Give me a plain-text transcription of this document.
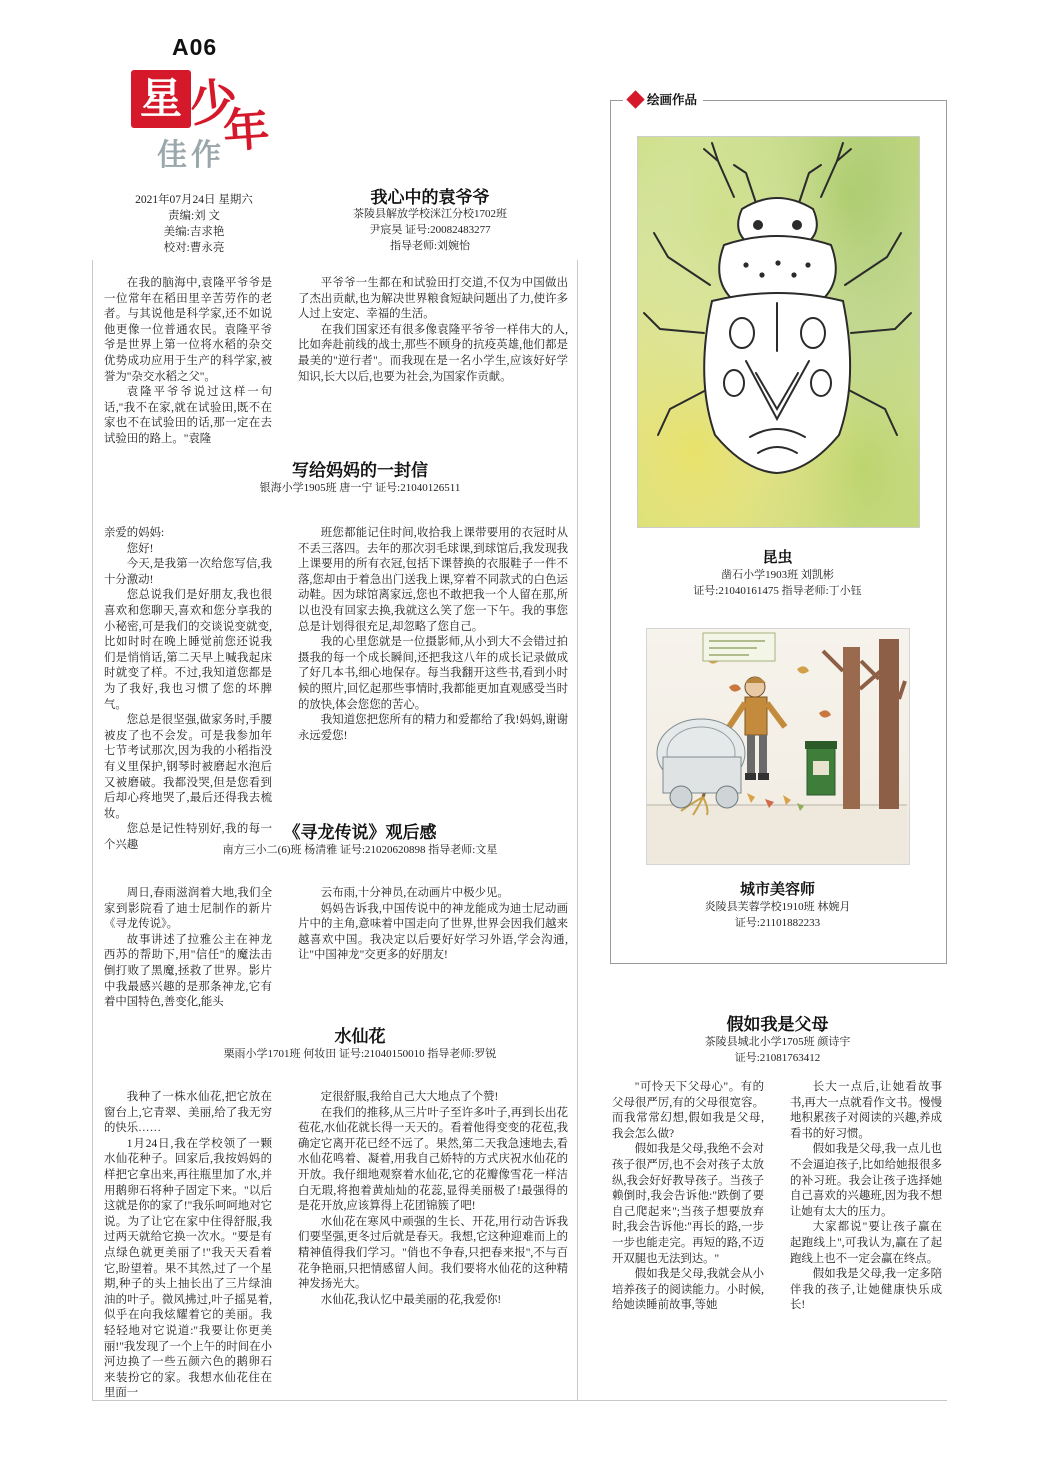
A06
星 少
年
佳作
2021年07月24日 星期六
责编:刘 文
美编:吉求艳
校对:曹永亮
我心中的袁爷爷
茶陵县解放学校洣江分校1702班
尹宸昊 证号:20082483277
指导老师:刘婉怡

在我的脑海中,袁隆平爷爷是一位常年在稻田里辛苦劳作的老者。与其说他是科学家,还不如说他更像一位普通农民。袁隆平爷爷是世界上第一位将水稻的杂交优势成功应用于生产的科学家,被誉为"杂交水稻之父"。

袁隆平爷爷说过这样一句话,"我不在家,就在试验田,既不在家也不在试验田的话,那一定在去试验田的路上。"袁隆

平爷爷一生都在和试验田打交道,不仅为中国做出了杰出贡献,也为解决世界粮食短缺问题出了力,使许多人过上安定、幸福的生活。

在我们国家还有很多像袁隆平爷爷一样伟大的人,比如奔赴前线的战士,那些不顾身的抗疫英雄,他们都是最美的"逆行者"。而我现在是一名小学生,应该好好学知识,长大以后,也要为社会,为国家作贡献。

写给妈妈的一封信
银海小学1905班 唐一宁 证号:21040126511

亲爱的妈妈:

您好!

今天,是我第一次给您写信,我十分激动!

您总说我们是好朋友,我也很喜欢和您聊天,喜欢和您分享我的小秘密,可是我们的交谈说变就变,比如时时在晚上睡觉前您还说我们是悄悄话,第二天早上喊我起床时就变了样。不过,我知道您都是为了我好,我也习惯了您的坏脾气。

您总是很坚强,做家务时,手腰被皮了也不会发。可是我参加年七节考试那次,因为我的小稻指没有义里保护,钢琴时被磨起水泡后又被磨破。我都没哭,但是您看到后却心疼地哭了,最后还得我去梳妆。

您总是记性特别好,我的每一个兴趣

班您都能记住时间,收拾我上课带要用的衣冠时从不丢三落四。去年的那次羽毛球课,到球馆后,我发现我上课要用的所有衣冠,包括下课替换的衣服鞋子一件不落,您却由于着急出门送我上课,穿着不同款式的白色运动鞋。因为球馆离家远,您也不敢把我一个人留在那,所以也没有回家去换,我就这么笑了您一下午。我的事您总是计划得很充足,却忽略了您自己。

我的心里您就是一位摄影师,从小到大不会错过拍摄我的每一个成长瞬间,还把我这八年的成长记录做成了好几本书,细心地保存。每当我翻开这些书,看到小时候的照片,回忆起那些事情时,我都能更加直观感受当时的放快,体会您您的苦心。

我知道您把您所有的精力和爱都给了我!妈妈,谢谢永远爱您!

《寻龙传说》观后感
南方三小二(6)班 杨清雅 证号:21020620898 指导老师:文星

周日,春雨滋润着大地,我们全家到影院看了迪士尼制作的新片《寻龙传说》。

故事讲述了拉雅公主在神龙西苏的帮助下,用"信任"的魔法击倒打败了黑魔,拯救了世界。影片中我最感兴趣的是那条神龙,它有着中国特色,善变化,能头

云布雨,十分神员,在动画片中极少见。

妈妈告诉我,中国传说中的神龙能成为迪士尼动画片中的主角,意味着中国走向了世界,世界会因我们越来越喜欢中国。我决定以后要好好学习外语,学会沟通,让"中国神龙"交更多的好朋友!

水仙花
栗雨小学1701班 何妆田 证号:21040150010 指导老师:罗锐

我种了一株水仙花,把它放在窗台上,它青翠、美丽,给了我无穷的快乐……

1月24日,我在学校领了一颗水仙花种子。回家后,我按妈妈的样把它拿出来,再往瓶里加了水,并用鹅卵石将种子固定下来。"以后这就是你的家了!"我乐呵呵地对它说。为了让它在家中住得舒服,我过两天就给它换一次水。"要是有点绿色就更美丽了!"我天天看着它,盼望着。果不其然,过了一个星期,种子的头上抽长出了三片绿油油的叶子。微风拂过,叶子摇晃着,似乎在向我炫耀着它的美丽。我轻轻地对它说道:"我要让你更美丽!"我发现了一个上午的时间在小河边换了一些五颜六色的鹅卵石来装扮它的家。我想水仙花住在里面一

定很舒服,我给自己大大地点了个赞!

在我们的推移,从三片叶子至许多叶子,再到长出花苞花,水仙花就长得一天天的。看着他得变变的花苞,我确定它离开花已经不远了。果然,第二天我急速地去,看水仙花鸣着、凝着,用我自己娇特的方式庆祝水仙花的开放。我仔细地观察着水仙花,它的花瓣像雪花一样洁白无瑕,将抱着黄灿灿的花蕊,显得美丽极了!最强得的是花开放,应该算得上花团锦簇了吧!

水仙花在寒风中顽强的生长、开花,用行动告诉我们要坚强,更冬过后就是春天。我想,它这种迎难而上的精神值得我们学习。"俏也不争春,只把春来报",不与百花争艳丽,只把情感留人间。我们要将水仙花的这种精神发扬光大。

水仙花,我认忆中最美丽的花,我爱你!

假如我是父母
茶陵县城北小学1705班 颜诗宇
证号:21081763412

"可怜天下父母心"。有的父母很严厉,有的父母很宽容。而我常常幻想,假如我是父母,我会怎么做?

假如我是父母,我绝不会对孩子很严厉,也不会对孩子太放纵,我会好好教导孩子。当孩子赖倒时,我会告诉他:"跌倒了要自己爬起来";当孩子想要放弃时,我会告诉他:"再长的路,一步一步也能走完。再短的路,不迈开双腿也无法到达。"

假如我是父母,我就会从小培养孩子的阅读能力。小时候,给她读睡前故事,等她

长大一点后,让她看故事书,再大一点就看作文书。慢慢地积累孩子对阅读的兴趣,养成看书的好习惯。

假如我是父母,我一点儿也不会逼迫孩子,比如给她报很多的补习班。我会让孩子选择她自己喜欢的兴趣班,因为我不想让她有太大的压力。

大家都说"要让孩子赢在起跑线上",可我认为,赢在了起跑线上也不一定会赢在终点。

假如我是父母,我一定多陪伴我的孩子,让她健康快乐成长!

绘画作品
昆虫
凿石小学1903班 刘凯彬
证号:21040161475 指导老师:丁小钰
城市美容师
炎陵县芙蓉学校1910班 林婉月
证号:21101882233
